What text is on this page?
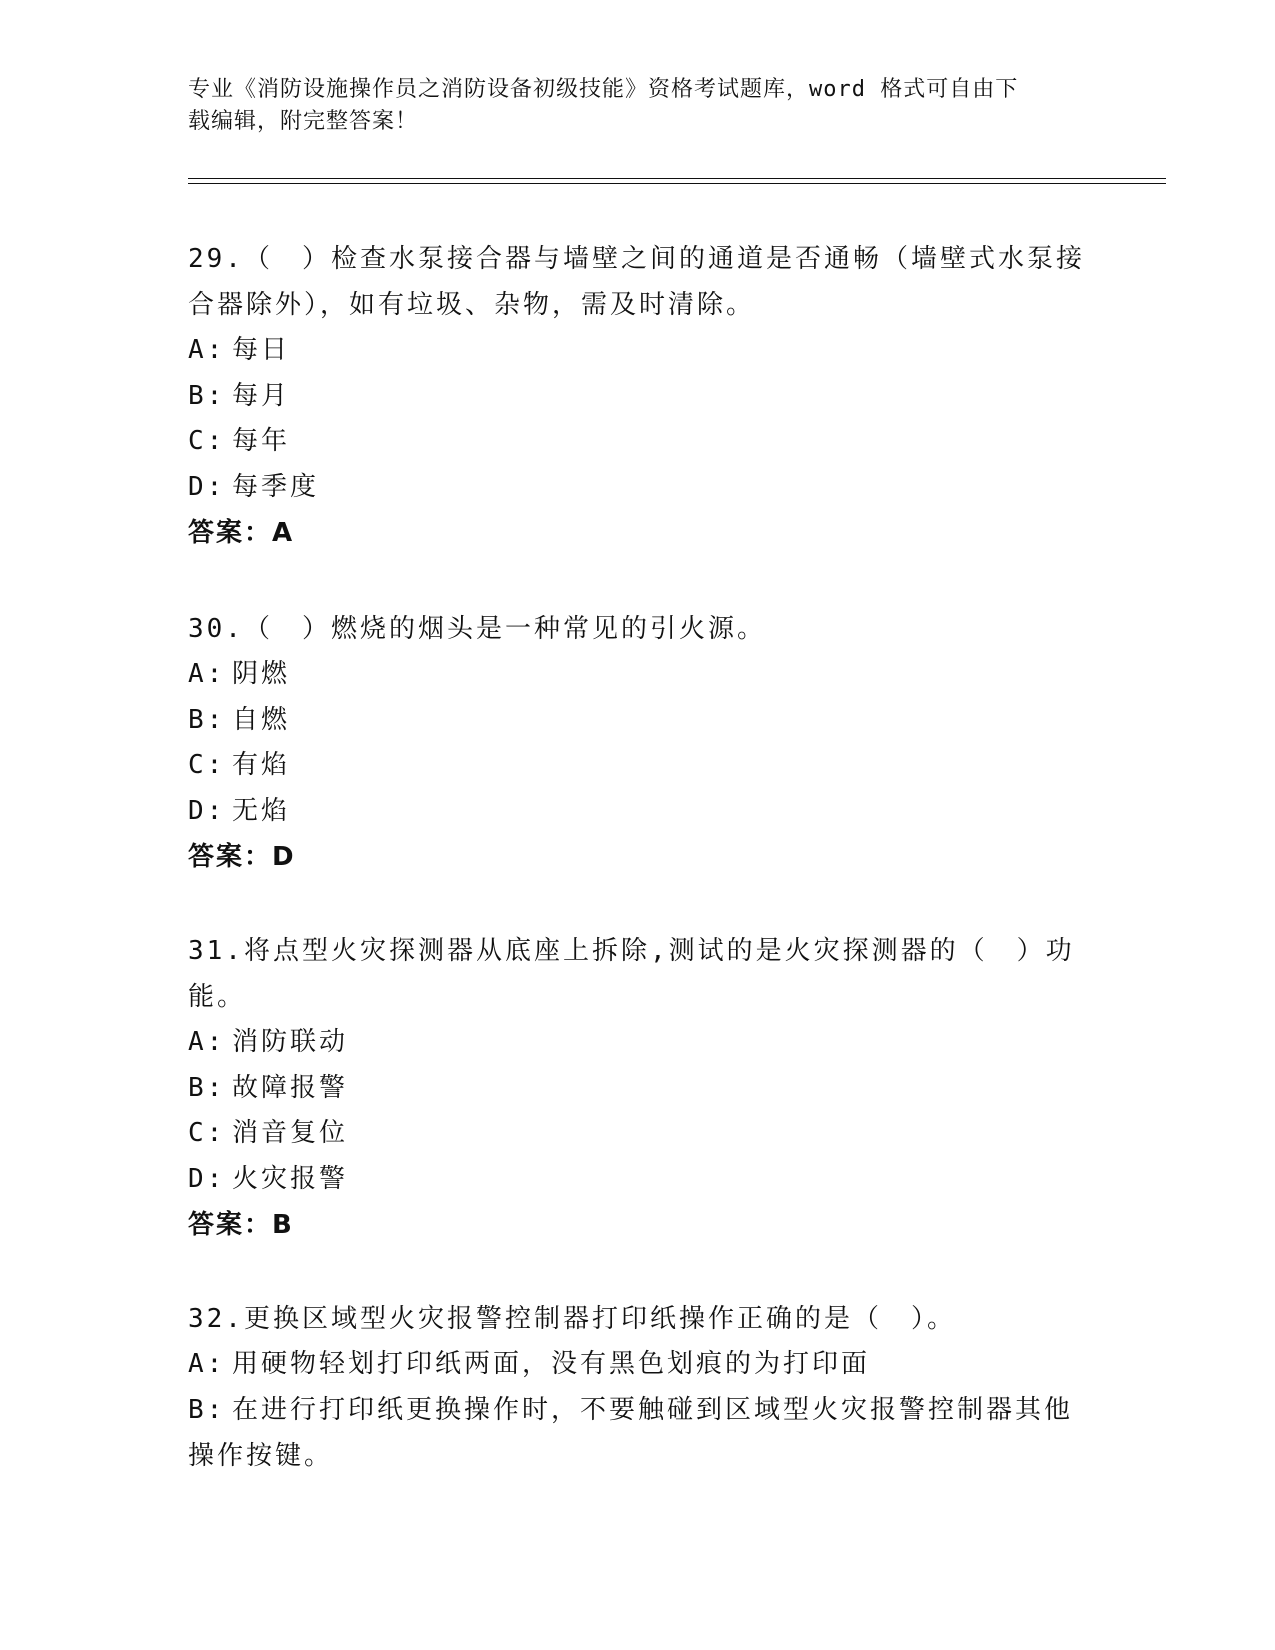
专业《消防设施操作员之消防设备初级技能》资格考试题库，word 格式可自由下
载编辑，附完整答案！
29.（　）检查水泵接合器与墙壁之间的通道是否通畅（墙壁式水泵接
合器除外），如有垃圾、杂物，需及时清除。
A: 每日
B: 每月
C: 每年
D: 每季度
答案：A
30.（　）燃烧的烟头是一种常见的引火源。
A: 阴燃
B: 自燃
C: 有焰
D: 无焰
答案：D
31.将点型火灾探测器从底座上拆除,测试的是火灾探测器的（　）功
能。
A: 消防联动
B: 故障报警
C: 消音复位
D: 火灾报警
答案：B
32.更换区域型火灾报警控制器打印纸操作正确的是（　）。
A: 用硬物轻划打印纸两面，没有黑色划痕的为打印面
B: 在进行打印纸更换操作时，不要触碰到区域型火灾报警控制器其他
操作按键。
